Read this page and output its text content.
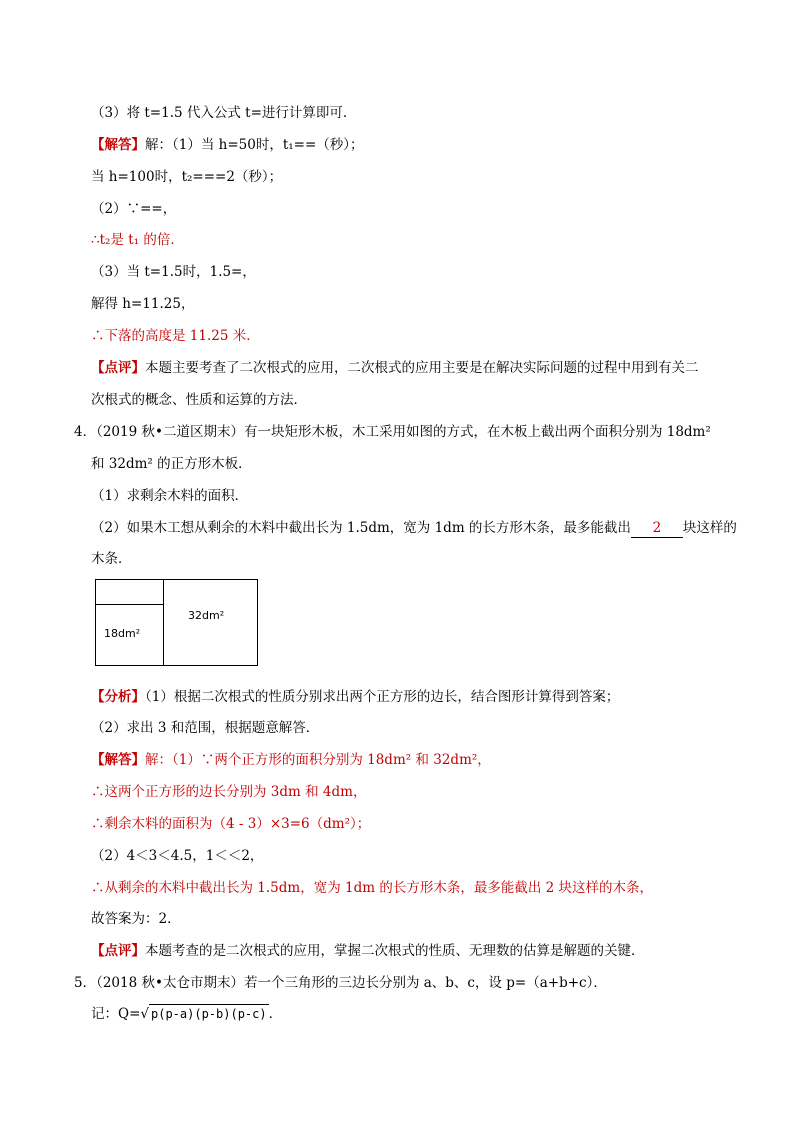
（3）将 t=1.5 代入公式 t=进行计算即可．
【解答】解：（1）当 h=50时，t₁==（秒）；
当 h=100时，t₂===2（秒）；
（2）∵==，
∴t₂是 t₁ 的倍．
（3）当 t=1.5时，1.5=，
解得 h=11.25，
∴下落的高度是 11.25 米．
【点评】本题主要考查了二次根式的应用，二次根式的应用主要是在解决实际问题的过程中用到有关二
次根式的概念、性质和运算的方法．
4．（2019 秋•二道区期末）有一块矩形木板，木工采用如图的方式，在木板上截出两个面积分别为 18dm²
和 32dm² 的正方形木板．
（1）求剩余木料的面积．
（2）如果木工想从剩余的木料中截出长为 1.5dm，宽为 1dm 的长方形木条，最多能截出 2 块这样的
木条．
18dm²
32dm²
【分析】（1）根据二次根式的性质分别求出两个正方形的边长，结合图形计算得到答案；
（2）求出 3 和范围，根据题意解答．
【解答】解：（1）∵两个正方形的面积分别为 18dm² 和 32dm²，
∴这两个正方形的边长分别为 3dm 和 4dm，
∴剩余木料的面积为（4 - 3）×3=6（dm²）；
（2）4＜3＜4.5，1＜＜2，
∴从剩余的木料中截出长为 1.5dm，宽为 1dm 的长方形木条，最多能截出 2 块这样的木条，
故答案为：2．
【点评】本题考查的是二次根式的应用，掌握二次根式的性质、无理数的估算是解题的关键．
5．（2018 秋•太仓市期末）若一个三角形的三边长分别为 a、b、c，设 p=（a+b+c）．
记：Q=√ p(p-a)(p-b)(p-c) ．
